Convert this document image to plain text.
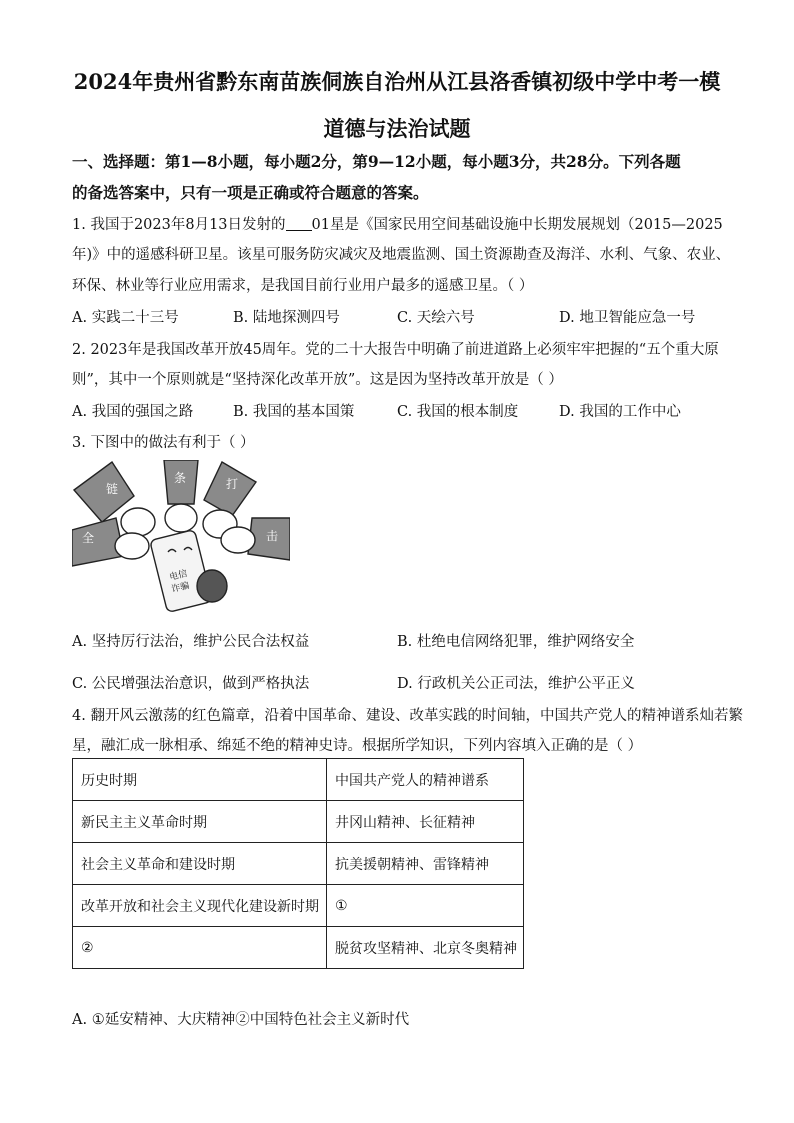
2024年贵州省黔东南苗族侗族自治州从江县洛香镇初级中学中考一模
道德与法治试题
一、选择题：第1—8小题，每小题2分，第9—12小题，每小题3分，共28分。下列各题
的备选答案中，只有一项是正确或符合题意的答案。
1. 我国于2023年8月13日发射的 01星是《国家民用空间基础设施中长期发展规划（2015—2025
年)》中的遥感科研卫星。该星可服务防灾减灾及地震监测、国土资源勘查及海洋、水利、气象、农业、
环保、林业等行业应用需求，是我国目前行业用户最多的遥感卫星。（ ）
A. 实践二十三号	B. 陆地探测四号	C. 天绘六号	D. 地卫智能应急一号
2. 2023年是我国改革开放45周年。党的二十大报告中明确了前进道路上必须牢牢把握的“五个重大原
则”，其中一个原则就是“坚持深化改革开放”。这是因为坚持改革开放是（ ）
A. 我国的强国之路	B. 我国的基本国策	C. 我国的根本制度	D. 我国的工作中心
3. 下图中的做法有利于（ ）
链
条	打
全	击
电信
诈骗
A. 坚持厉行法治，维护公民合法权益	B. 杜绝电信网络犯罪，维护网络安全
C. 公民增强法治意识，做到严格执法	D. 行政机关公正司法，维护公平正义
4. 翻开风云激荡的红色篇章，沿着中国革命、建设、改革实践的时间轴，中国共产党人的精神谱系灿若繁
星，融汇成一脉相承、绵延不绝的精神史诗。根据所学知识，下列内容填入正确的是（ ）
历史时期	中国共产党人的精神谱系
新民主主义革命时期	井冈山精神、长征精神
社会主义革命和建设时期	抗美援朝精神、雷锋精神
改革开放和社会主义现代化建设新时期	①
②	脱贫攻坚精神、北京冬奥精神
A. ①延安精神、大庆精神②中国特色社会主义新时代
